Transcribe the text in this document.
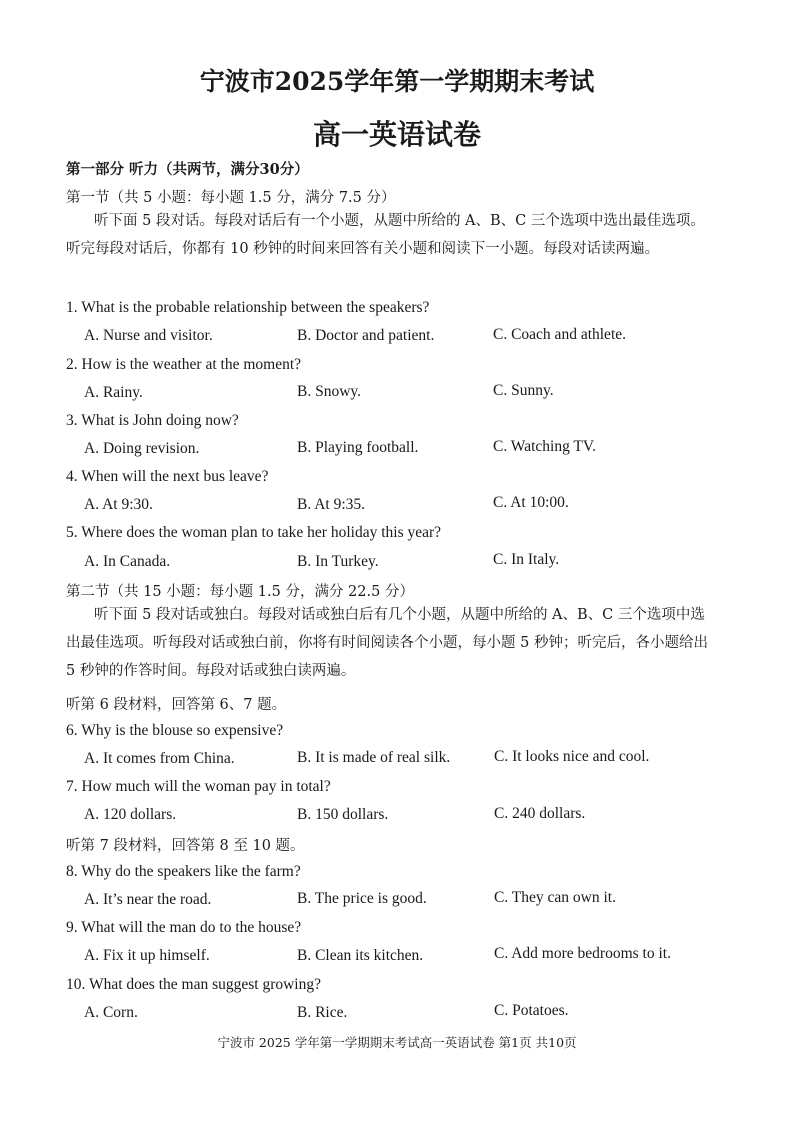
宁波市2025学年第一学期期末考试
高一英语试卷
第一部分 听力（共两节，满分30分）
第一节（共 5 小题：每小题 1.5 分，满分 7.5 分）
听下面 5 段对话。每段对话后有一个小题，从题中所给的 A、B、C 三个选项中选出最佳选项。听完每段对话后，你都有 10 秒钟的时间来回答有关小题和阅读下一小题。每段对话读两遍。
1. What is the probable relationship between the speakers?
A. Nurse and visitor.	B. Doctor and patient.	C. Coach and athlete.
2. How is the weather at the moment?
A. Rainy.	B. Snowy.	C. Sunny.
3. What is John doing now?
A. Doing revision.	B. Playing football.	C. Watching TV.
4. When will the next bus leave?
A. At 9:30.	B. At 9:35.	C. At 10:00.
5. Where does the woman plan to take her holiday this year?
A. In Canada.	B. In Turkey.	C. In Italy.
第二节（共 15 小题：每小题 1.5 分，满分 22.5 分）
听下面 5 段对话或独白。每段对话或独白后有几个小题，从题中所给的 A、B、C 三个选项中选出最佳选项。听每段对话或独白前，你将有时间阅读各个小题，每小题 5 秒钟；听完后，各小题给出 5 秒钟的作答时间。每段对话或独白读两遍。
听第 6 段材料，回答第 6、7 题。
6. Why is the blouse so expensive?
A. It comes from China.	B. It is made of real silk.	C. It looks nice and cool.
7. How much will the woman pay in total?
A. 120 dollars.	B. 150 dollars.	C. 240 dollars.
听第 7 段材料，回答第 8 至 10 题。
8. Why do the speakers like the farm?
A. It’s near the road.	B. The price is good.	C. They can own it.
9. What will the man do to the house?
A. Fix it up himself.	B. Clean its kitchen.	C. Add more bedrooms to it.
10. What does the man suggest growing?
A. Corn.	B. Rice.	C. Potatoes.
宁波市 2025 学年第一学期期末考试高一英语试卷 第1页 共10页
